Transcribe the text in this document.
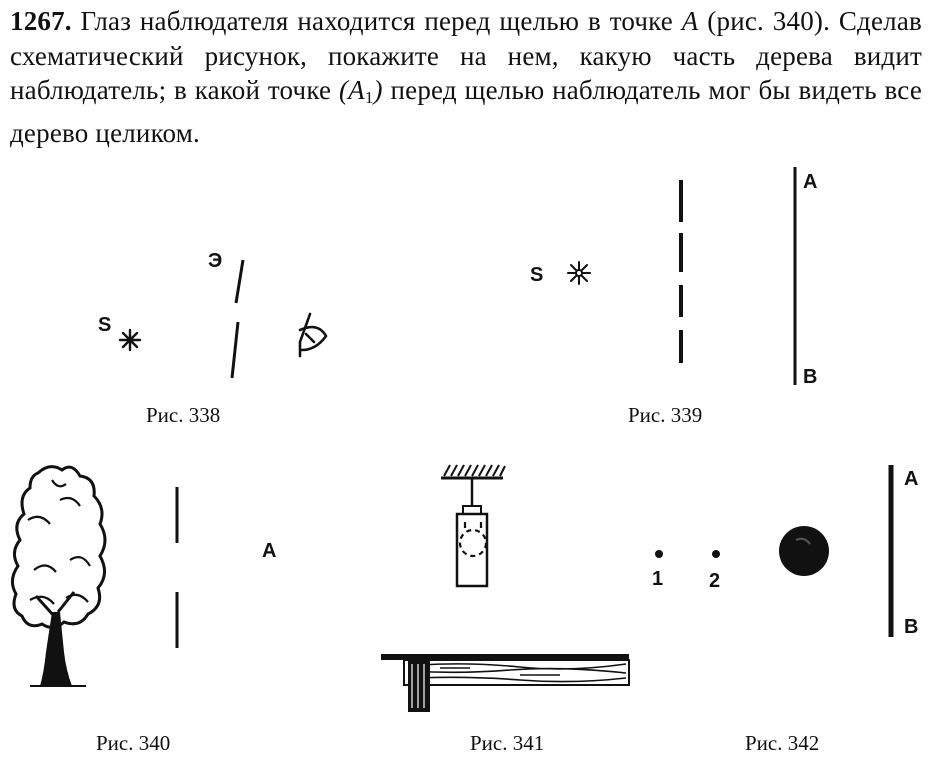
1267. Глаз наблюдателя находится перед щелью в точке A (рис. 340). Сделав схематический рисунок, покажите на нем, какую часть дерева видит наблюдатель; в какой точке $(A_1)$ перед щелью наблюдатель мог бы видеть все дерево целиком.
S
Э
Рис. 338
S
A
B
Рис. 339
A
Рис. 340	Рис. 341
1 2
A
B
Рис. 342
